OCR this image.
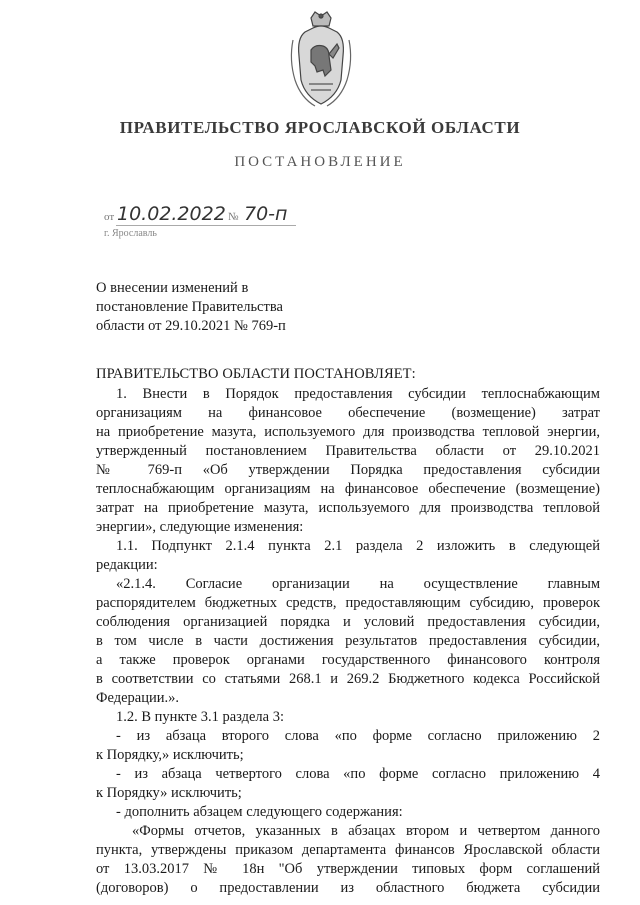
ПРАВИТЕЛЬСТВО ЯРОСЛАВСКОЙ ОБЛАСТИ
ПОСТАНОВЛЕНИЕ
от 10.02.2022 № 70-п
г. Ярославль
О внесении изменений в
постановление Правительства
области от 29.10.2021 № 769-п
ПРАВИТЕЛЬСТВО ОБЛАСТИ ПОСТАНОВЛЯЕТ:
1. Внести в Порядок предоставления субсидии теплоснабжающим
организациям на финансовое обеспечение (возмещение) затрат
на приобретение мазута, используемого для производства тепловой энергии,
утвержденный постановлением Правительства области от 29.10.2021
№ 769-п «Об утверждении Порядка предоставления субсидии
теплоснабжающим организациям на финансовое обеспечение (возмещение)
затрат на приобретение мазута, используемого для производства тепловой
энергии», следующие изменения:
1.1. Подпункт 2.1.4 пункта 2.1 раздела 2 изложить в следующей
редакции:
«2.1.4. Согласие организации на осуществление главным
распорядителем бюджетных средств, предоставляющим субсидию, проверок
соблюдения организацией порядка и условий предоставления субсидии,
в том числе в части достижения результатов предоставления субсидии,
а также проверок органами государственного финансового контроля
в соответствии со статьями 268.1 и 269.2 Бюджетного кодекса Российской
Федерации.».
1.2. В пункте 3.1 раздела 3:
- из абзаца второго слова «по форме согласно приложению 2
к Порядку,» исключить;
- из абзаца четвертого слова «по форме согласно приложению 4
к Порядку» исключить;
- дополнить абзацем следующего содержания:
«Формы отчетов, указанных в абзацах втором и четвертом данного
пункта, утверждены приказом департамента финансов Ярославской области
от 13.03.2017 № 18н "Об утверждении типовых форм соглашений
(договоров) о предоставлении из областного бюджета субсидии
